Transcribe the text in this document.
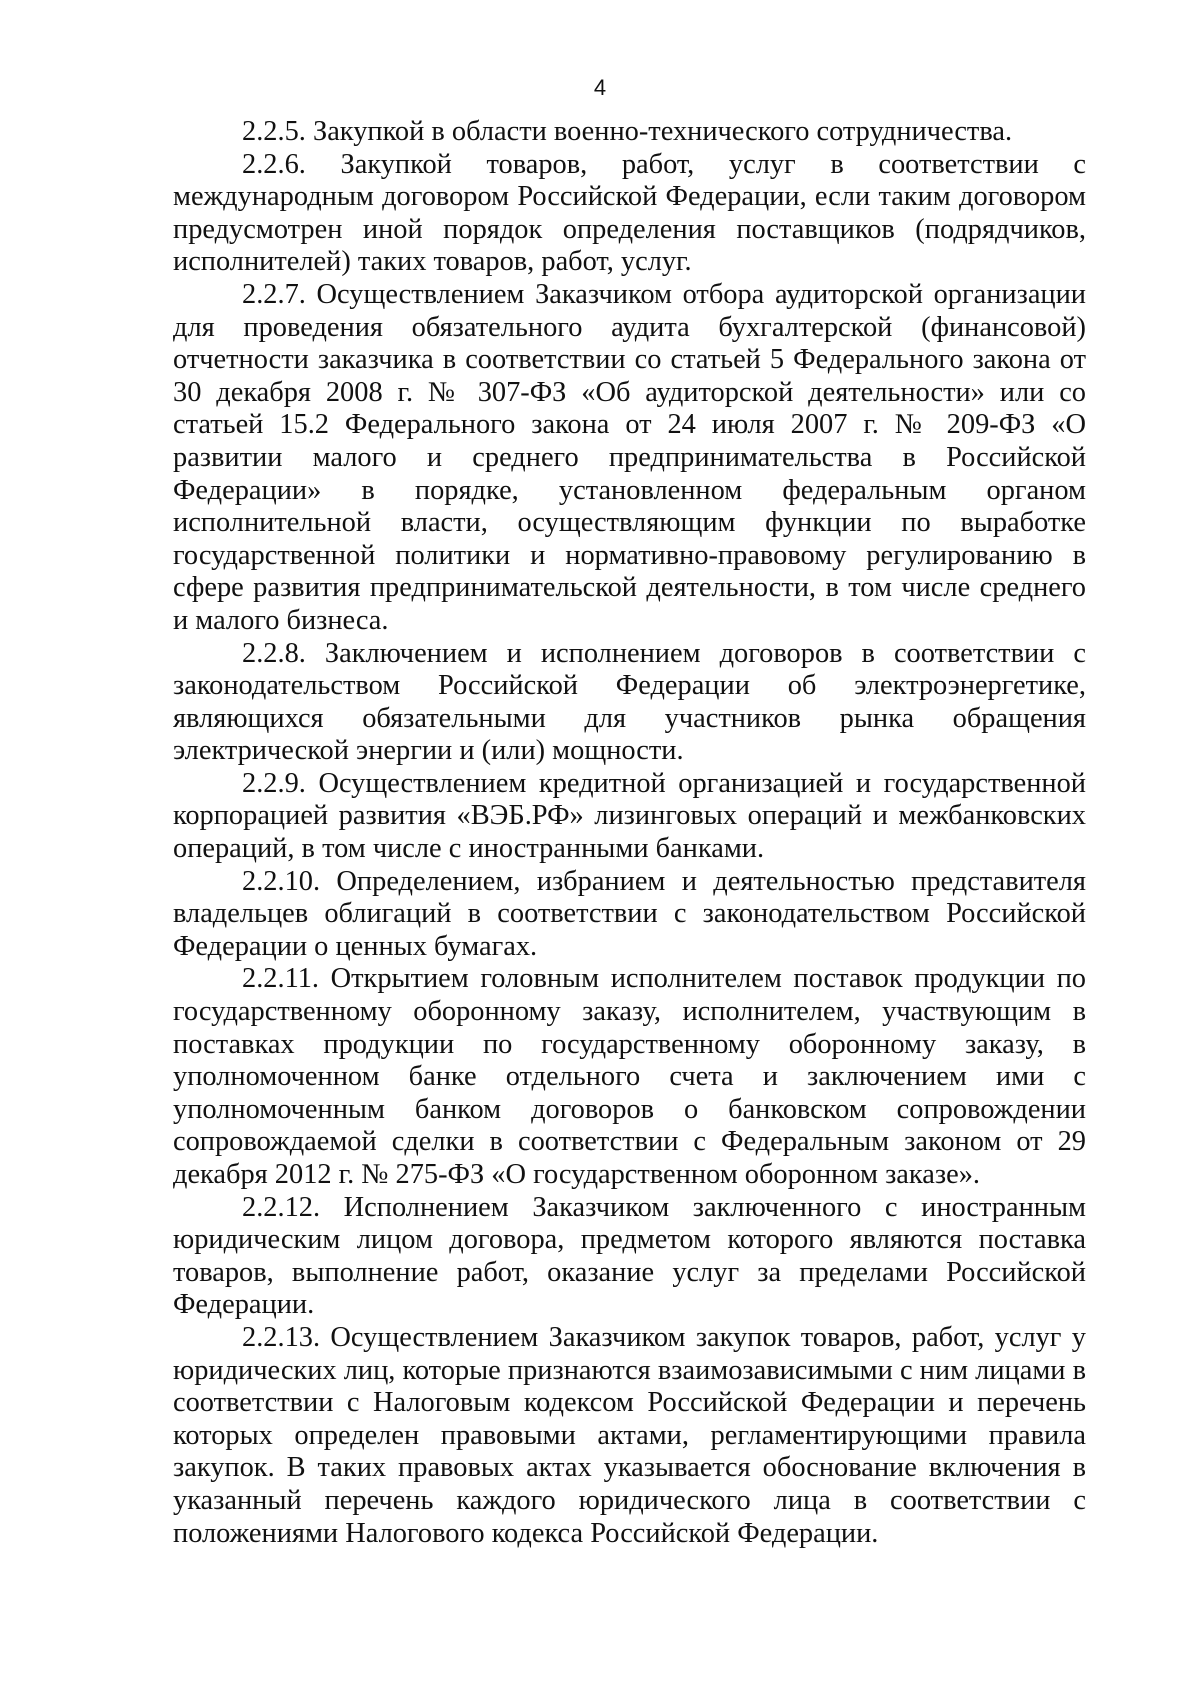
4

2.2.5. Закупкой в области военно-технического сотрудничества.

2.2.6. Закупкой товаров, работ, услуг в соответствии с международным договором Российской Федерации, если таким договором предусмотрен иной порядок определения поставщиков (подрядчиков, исполнителей) таких товаров, работ, услуг.

2.2.7. Осуществлением Заказчиком отбора аудиторской организации для проведения обязательного аудита бухгалтерской (финансовой) отчетности заказчика в соответствии со статьей 5 Федерального закона от 30 декабря 2008 г. № 307-ФЗ «Об аудиторской деятельности» или со статьей 15.2 Федерального закона от 24 июля 2007 г. № 209-ФЗ «О развитии малого и среднего предпринимательства в Российской Федерации» в порядке, установленном федеральным органом исполнительной власти, осуществляющим функции по выработке государственной политики и нормативно-правовому регулированию в сфере развития предпринимательской деятельности, в том числе среднего и малого бизнеса.

2.2.8. Заключением и исполнением договоров в соответствии с законодательством Российской Федерации об электроэнергетике, являющихся обязательными для участников рынка обращения электрической энергии и (или) мощности.

2.2.9. Осуществлением кредитной организацией и государственной корпорацией развития «ВЭБ.РФ» лизинговых операций и межбанковских операций, в том числе с иностранными банками.

2.2.10. Определением, избранием и деятельностью представителя владельцев облигаций в соответствии с законодательством Российской Федерации о ценных бумагах.

2.2.11. Открытием головным исполнителем поставок продукции по государственному оборонному заказу, исполнителем, участвующим в поставках продукции по государственному оборонному заказу, в уполномоченном банке отдельного счета и заключением ими с уполномоченным банком договоров о банковском сопровождении сопровождаемой сделки в соответствии с Федеральным законом от 29 декабря 2012 г. № 275-ФЗ «О государственном оборонном заказе».

2.2.12. Исполнением Заказчиком заключенного с иностранным юридическим лицом договора, предметом которого являются поставка товаров, выполнение работ, оказание услуг за пределами Российской Федерации.

2.2.13. Осуществлением Заказчиком закупок товаров, работ, услуг у юридических лиц, которые признаются взаимозависимыми с ним лицами в соответствии с Налоговым кодексом Российской Федерации и перечень которых определен правовыми актами, регламентирующими правила закупок. В таких правовых актах указывается обоснование включения в указанный перечень каждого юридического лица в соответствии с положениями Налогового кодекса Российской Федерации.
